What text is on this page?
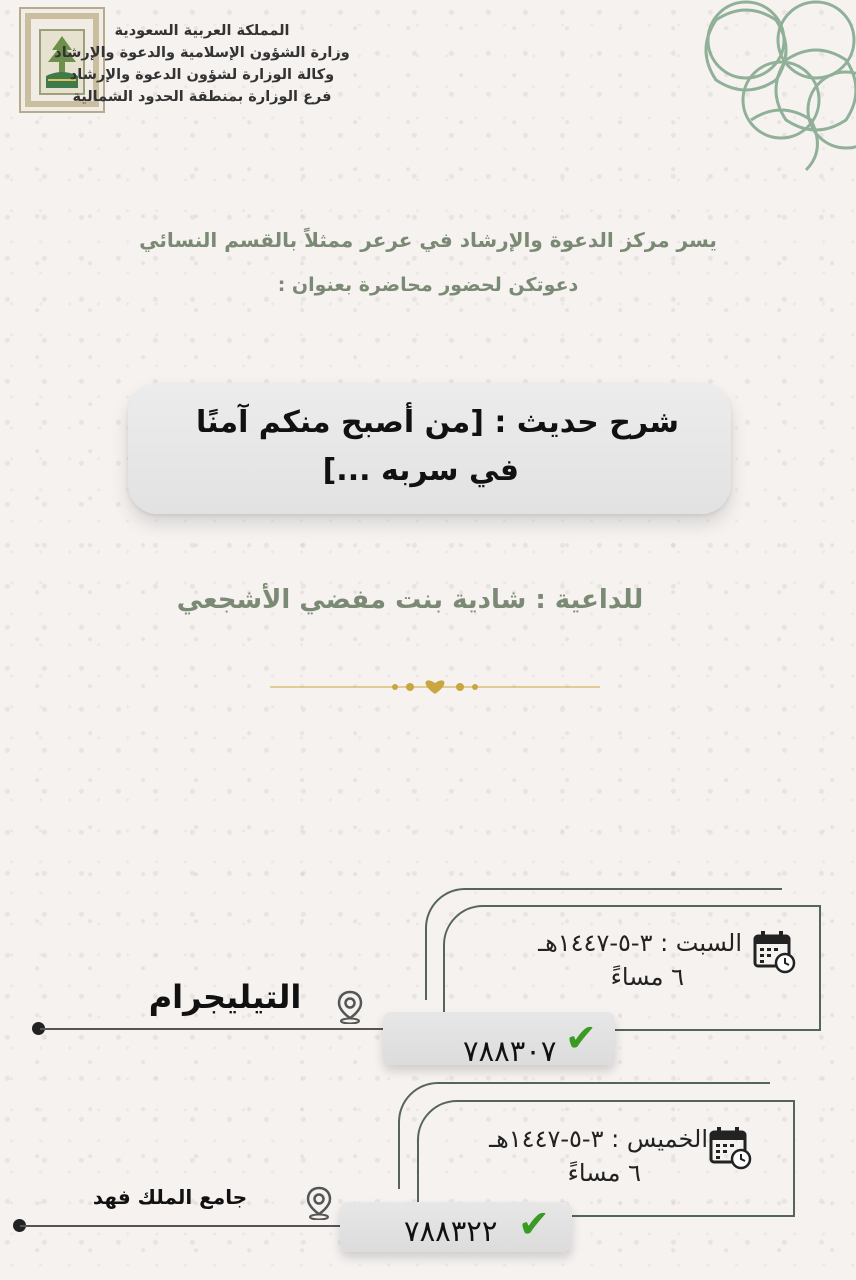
المملكة العربية السعودية
وزارة الشؤون الإسلامية والدعوة والإرشاد
وكالة الوزارة لشؤون الدعوة والإرشاد
فرع الوزارة بمنطقة الحدود الشمالية
يسر مركز الدعوة والإرشاد في عرعر ممثلاً بالقسم النسائي
دعوتكن لحضور محاضرة بعنوان :
شرح حديث : [من أصبح منكم آمنًا
في سربه ...]
للداعية : شادية بنت مفضي الأشجعي
السبت : ٣-٥-١٤٤٧هـ
٦ مساءً
التيليجرام
٧٨٨٣٠٧ ✔
الخميس : ٣-٥-١٤٤٧هـ
٦ مساءً
جامع الملك فهد
٧٨٨٣٢٢ ✔
